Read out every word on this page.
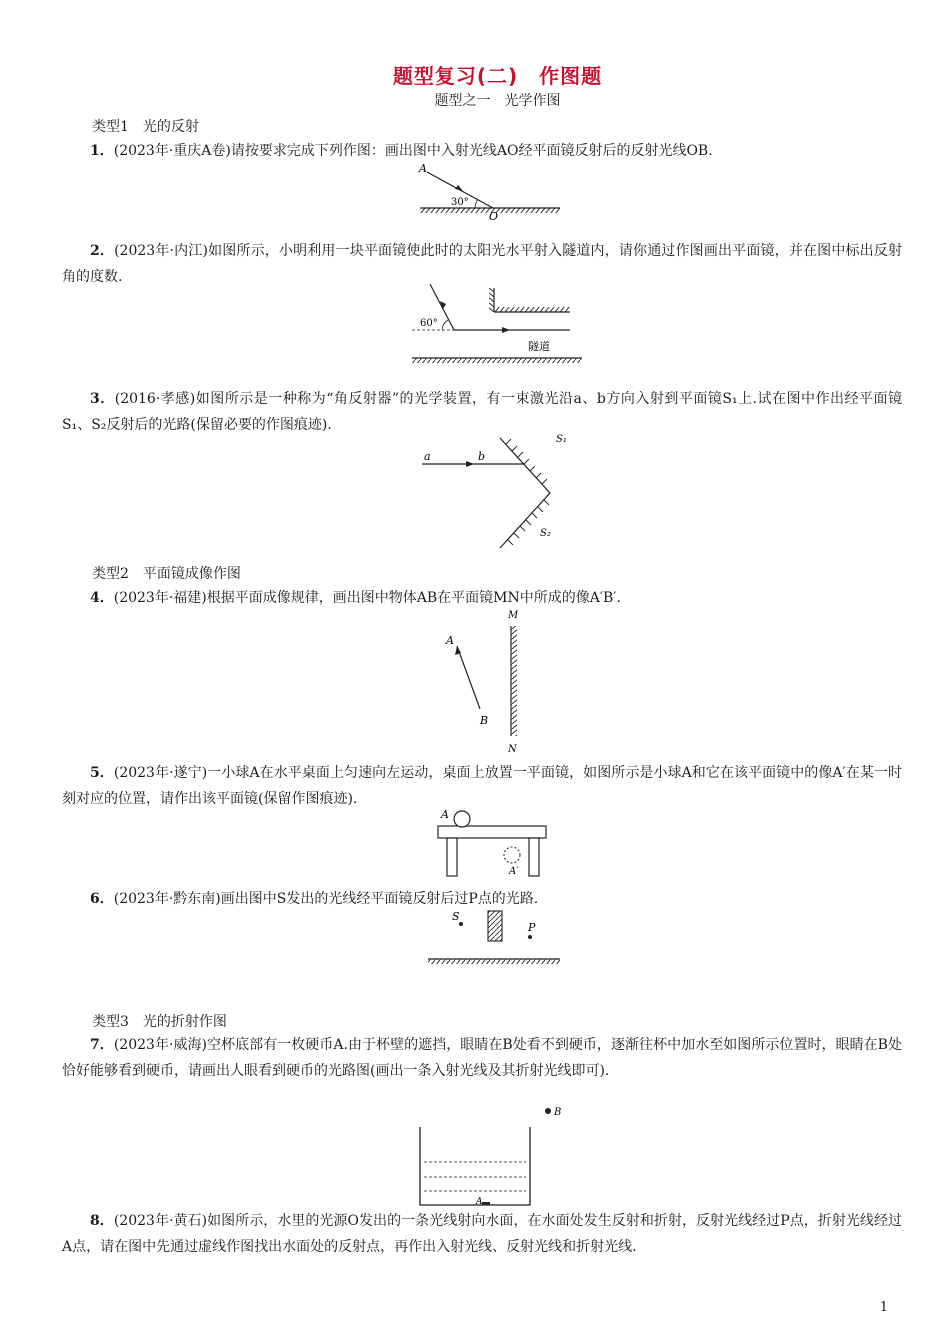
题型复习(二)　作图题
题型之一　光学作图
类型1　光的反射
1．(2023年·重庆A卷)请按要求完成下列作图：画出图中入射光线AO经平面镜反射后的反射光线OB.
A
O
30°
2．(2023年·内江)如图所示，小明利用一块平面镜使此时的太阳光水平射入隧道内，请你通过作图画出平面镜，并在图中标出反射角的度数.
60°
隧道
3．(2016·孝感)如图所示是一种称为“角反射器”的光学装置，有一束激光沿a、b方向入射到平面镜S₁上.试在图中作出经平面镜S₁、S₂反射后的光路(保留必要的作图痕迹).
a	b
S₁
S₂
类型2　平面镜成像作图
4．(2023年·福建)根据平面成像规律，画出图中物体AB在平面镜MN中所成的像A′B′.
M
N
A
B
5．(2023年·遂宁)一小球A在水平桌面上匀速向左运动，桌面上放置一平面镜，如图所示是小球A和它在该平面镜中的像A′在某一时刻对应的位置，请作出该平面镜(保留作图痕迹).
A
A′
6．(2023年·黔东南)画出图中S发出的光线经平面镜反射后过P点的光路.
S
P
类型3　光的折射作图
7．(2023年·威海)空杯底部有一枚硬币A.由于杯壁的遮挡，眼睛在B处看不到硬币，逐渐往杯中加水至如图所示位置时，眼睛在B处恰好能够看到硬币，请画出人眼看到硬币的光路图(画出一条入射光线及其折射光线即可).
B
A
8．(2023年·黄石)如图所示，水里的光源O发出的一条光线射向水面，在水面处发生反射和折射，反射光线经过P点，折射光线经过A点，请在图中先通过虚线作图找出水面处的反射点，再作出入射光线、反射光线和折射光线.
1
